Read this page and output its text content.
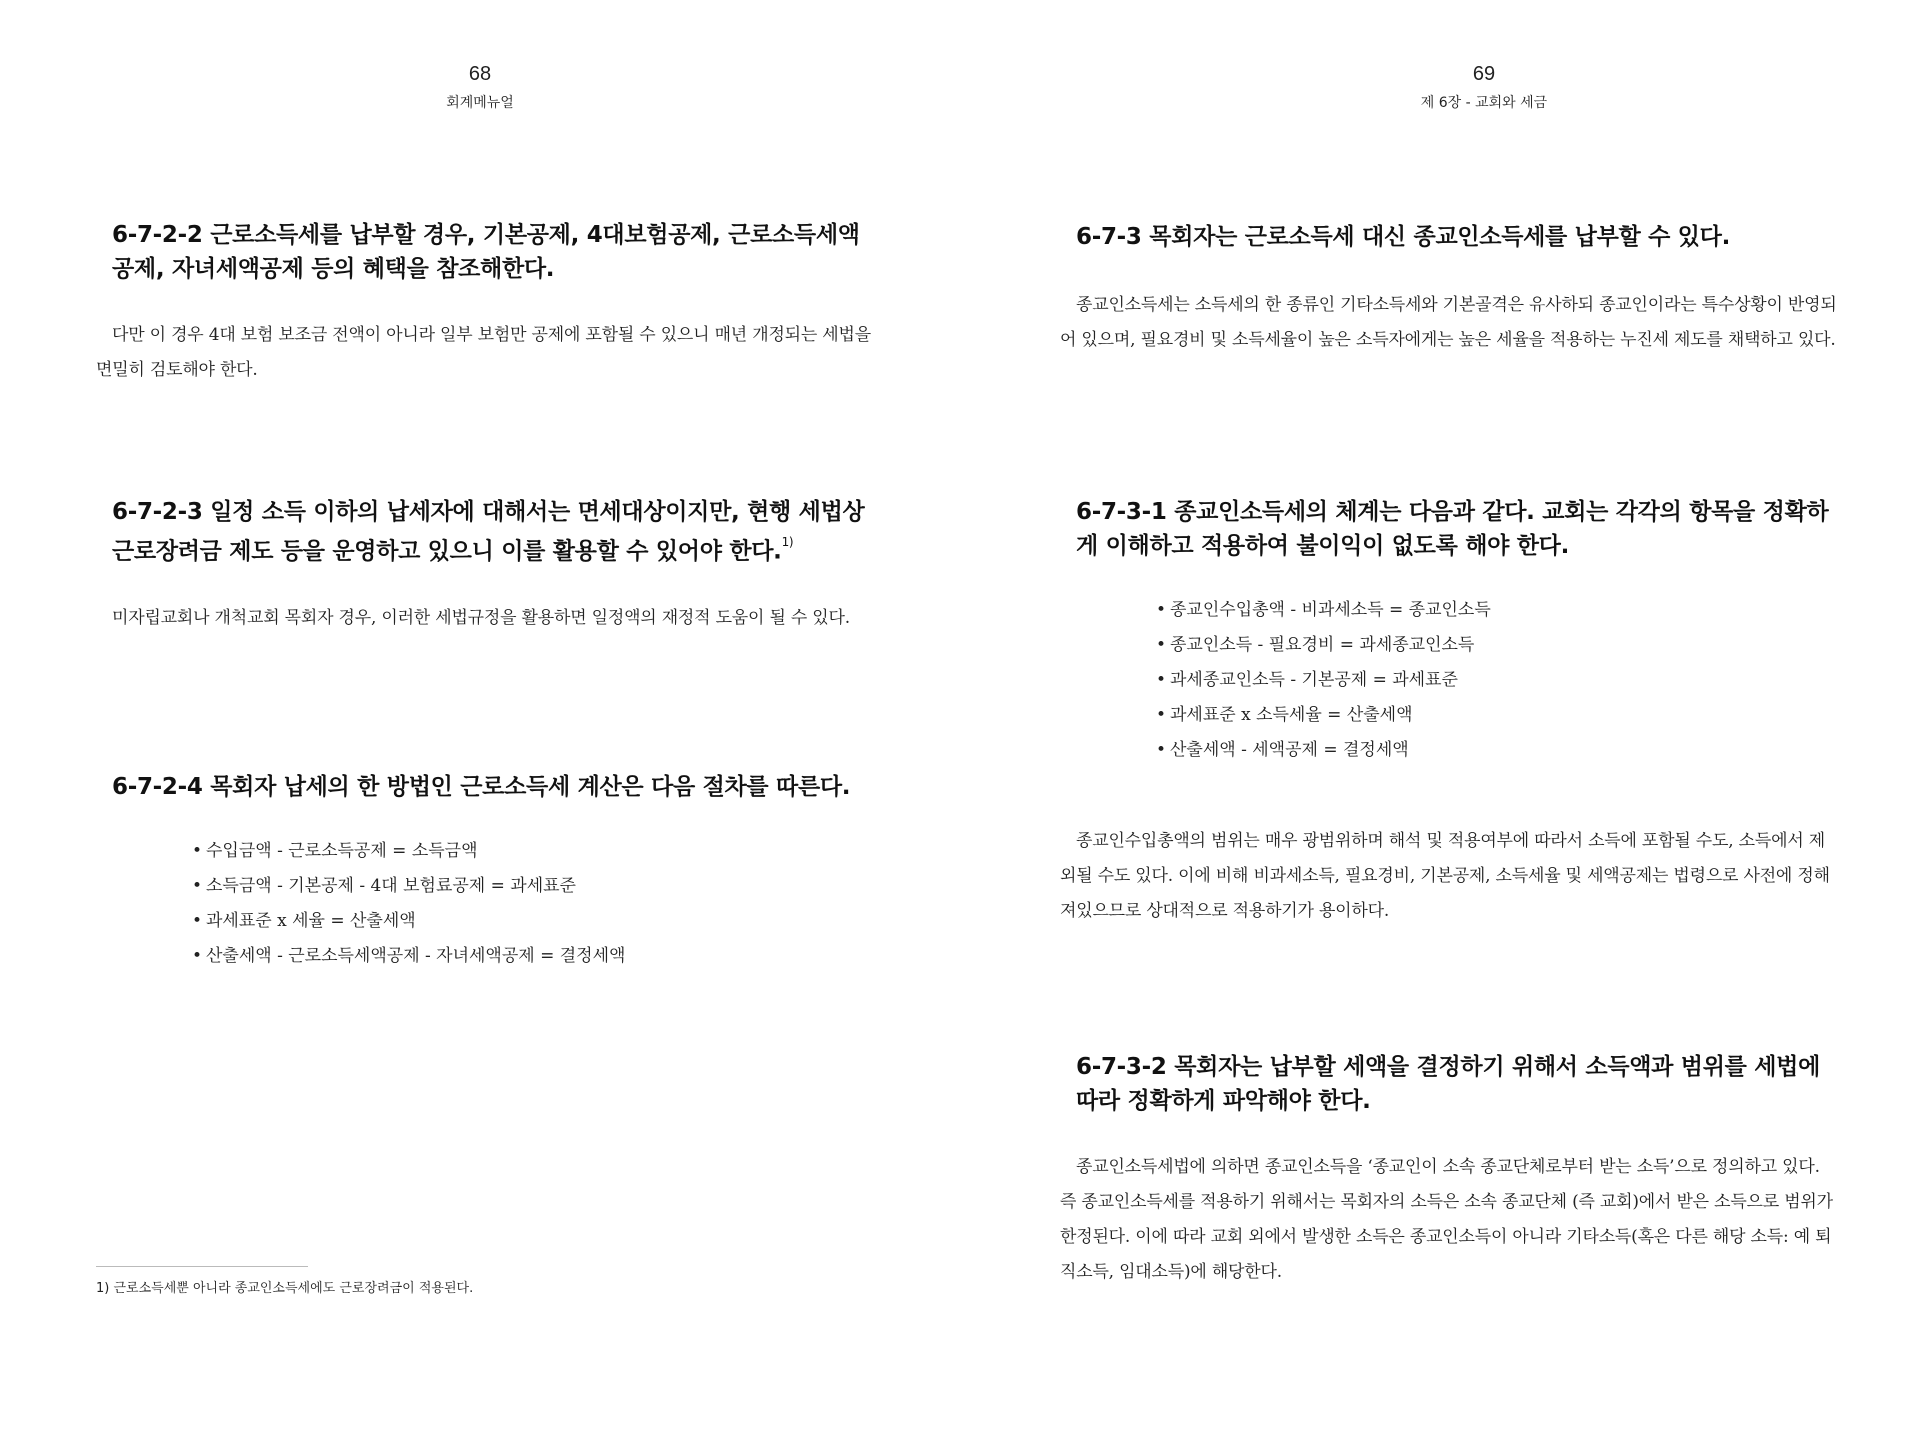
68
회계메뉴얼
6-7-2-2 근로소득세를 납부할 경우, 기본공제, 4대보험공제, 근로소득세액공제, 자녀세액공제 등의 혜택을 참조해한다.

다만 이 경우 4대 보험 보조금 전액이 아니라 일부 보험만 공제에 포함될 수 있으니 매년 개정되는 세법을 면밀히 검토해야 한다.

6-7-2-3 일정 소득 이하의 납세자에 대해서는 면세대상이지만, 현행 세법상 근로장려금 제도 등을 운영하고 있으니 이를 활용할 수 있어야 한다.$^{1)}$

미자립교회나 개척교회 목회자 경우, 이러한 세법규정을 활용하면 일정액의 재정적 도움이 될 수 있다.

6-7-2-4 목회자 납세의 한 방법인 근로소득세 계산은 다음 절차를 따른다.
• 수입금액 - 근로소득공제 = 소득금액
• 소득금액 - 기본공제 - 4대 보험료공제 = 과세표준
• 과세표준 x 세율 = 산출세액
• 산출세액 - 근로소득세액공제 - 자녀세액공제 = 결정세액
1) 근로소득세뿐 아니라 종교인소득세에도 근로장려금이 적용된다.
69
제 6장 - 교회와 세금
6-7-3 목회자는 근로소득세 대신 종교인소득세를 납부할 수 있다.

종교인소득세는 소득세의 한 종류인 기타소득세와 기본골격은 유사하되 종교인이라는 특수상황이 반영되어 있으며, 필요경비 및 소득세율이 높은 소득자에게는 높은 세율을 적용하는 누진세 제도를 채택하고 있다.

6-7-3-1 종교인소득세의 체계는 다음과 같다. 교회는 각각의 항목을 정확하게 이해하고 적용하여 불이익이 없도록 해야 한다.
• 종교인수입총액 - 비과세소득 = 종교인소득
• 종교인소득 - 필요경비 = 과세종교인소득
• 과세종교인소득 - 기본공제 = 과세표준
• 과세표준 x 소득세율 = 산출세액
• 산출세액 - 세액공제 = 결정세액

종교인수입총액의 범위는 매우 광범위하며 해석 및 적용여부에 따라서 소득에 포함될 수도, 소득에서 제외될 수도 있다. 이에 비해 비과세소득, 필요경비, 기본공제, 소득세율 및 세액공제는 법령으로 사전에 정해져있으므로 상대적으로 적용하기가 용이하다.

6-7-3-2 목회자는 납부할 세액을 결정하기 위해서 소득액과 범위를 세법에 따라 정확하게 파악해야 한다.

종교인소득세법에 의하면 종교인소득을 ‘종교인이 소속 종교단체로부터 받는 소득’으로 정의하고 있다. 즉 종교인소득세를 적용하기 위해서는 목회자의 소득은 소속 종교단체 (즉 교회)에서 받은 소득으로 범위가 한정된다. 이에 따라 교회 외에서 발생한 소득은 종교인소득이 아니라 기타소득(혹은 다른 해당 소득: 예 퇴직소득, 임대소득)에 해당한다.
